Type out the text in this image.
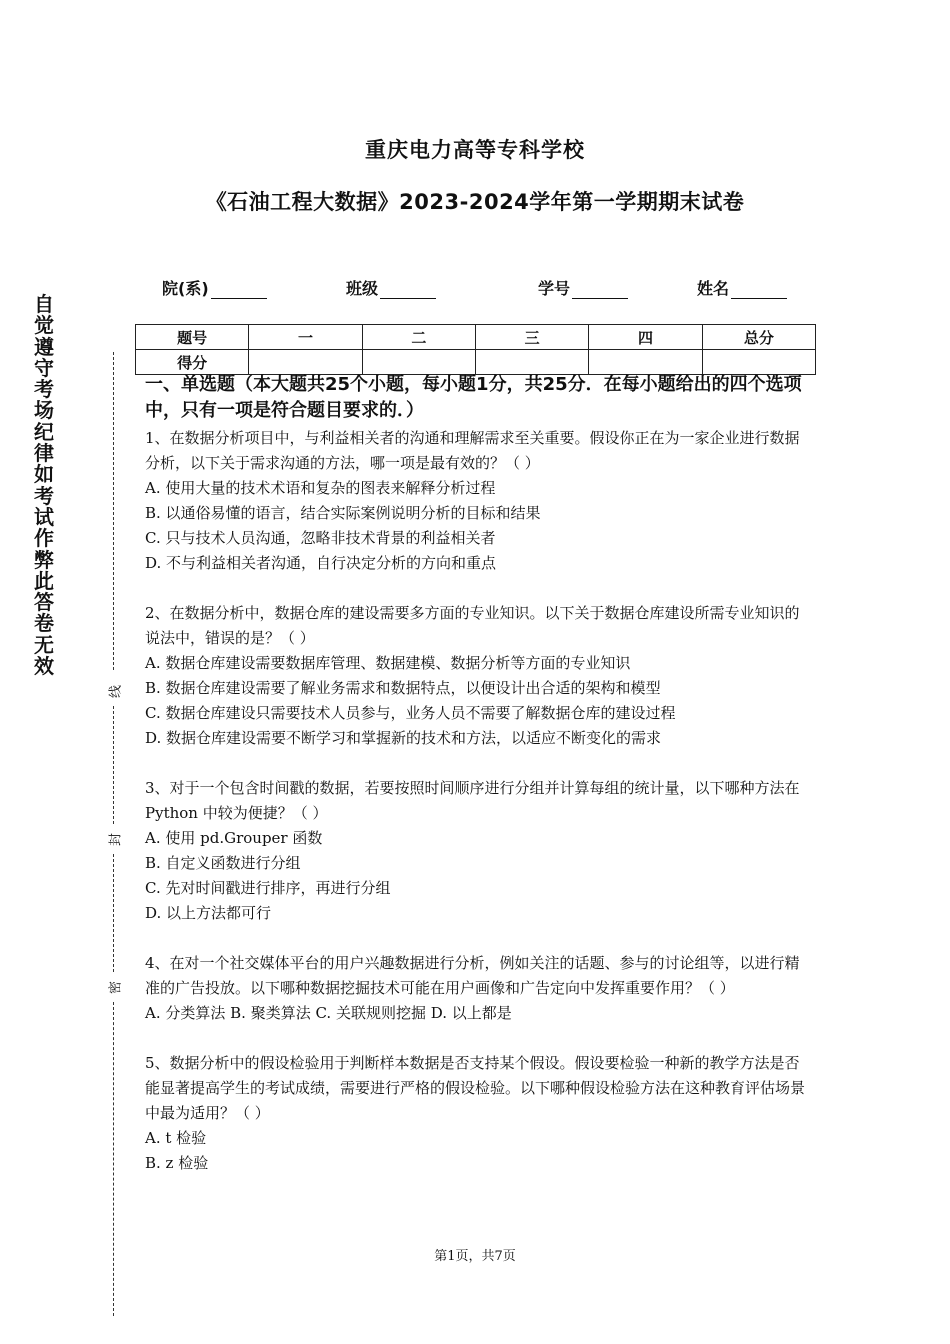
重庆电力高等专科学校
《石油工程大数据》2023-2024学年第一学期期末试卷
院(系)	班级	学号	姓名
题号	一	二	三	四	总分
得分					
自
觉
遵
守
考
场
纪
律
如
考
试
作
弊
此
答
卷
无
效
线
封
密
一、单选题（本大题共25个小题，每小题1分，共25分．在每小题给出的四个选项中，只有一项是符合题目要求的．）

1、在数据分析项目中，与利益相关者的沟通和理解需求至关重要。假设你正在为一家企业进行数据分析，以下关于需求沟通的方法，哪一项是最有效的？（ ）

A. 使用大量的技术术语和复杂的图表来解释分析过程

B. 以通俗易懂的语言，结合实际案例说明分析的目标和结果

C. 只与技术人员沟通，忽略非技术背景的利益相关者

D. 不与利益相关者沟通，自行决定分析的方向和重点

2、在数据分析中，数据仓库的建设需要多方面的专业知识。以下关于数据仓库建设所需专业知识的说法中，错误的是？（ ）

A. 数据仓库建设需要数据库管理、数据建模、数据分析等方面的专业知识

B. 数据仓库建设需要了解业务需求和数据特点，以便设计出合适的架构和模型

C. 数据仓库建设只需要技术人员参与，业务人员不需要了解数据仓库的建设过程

D. 数据仓库建设需要不断学习和掌握新的技术和方法，以适应不断变化的需求

3、对于一个包含时间戳的数据，若要按照时间顺序进行分组并计算每组的统计量，以下哪种方法在 Python 中较为便捷？（ ）

A. 使用 pd.Grouper 函数

B. 自定义函数进行分组

C. 先对时间戳进行排序，再进行分组

D. 以上方法都可行

4、在对一个社交媒体平台的用户兴趣数据进行分析，例如关注的话题、参与的讨论组等，以进行精准的广告投放。以下哪种数据挖掘技术可能在用户画像和广告定向中发挥重要作用？（ ）

A. 分类算法 B. 聚类算法 C. 关联规则挖掘 D. 以上都是

5、数据分析中的假设检验用于判断样本数据是否支持某个假设。假设要检验一种新的教学方法是否能显著提高学生的考试成绩，需要进行严格的假设检验。以下哪种假设检验方法在这种教育评估场景中最为适用？（ ）

A. t 检验

B. z 检验

第1页，共7页
